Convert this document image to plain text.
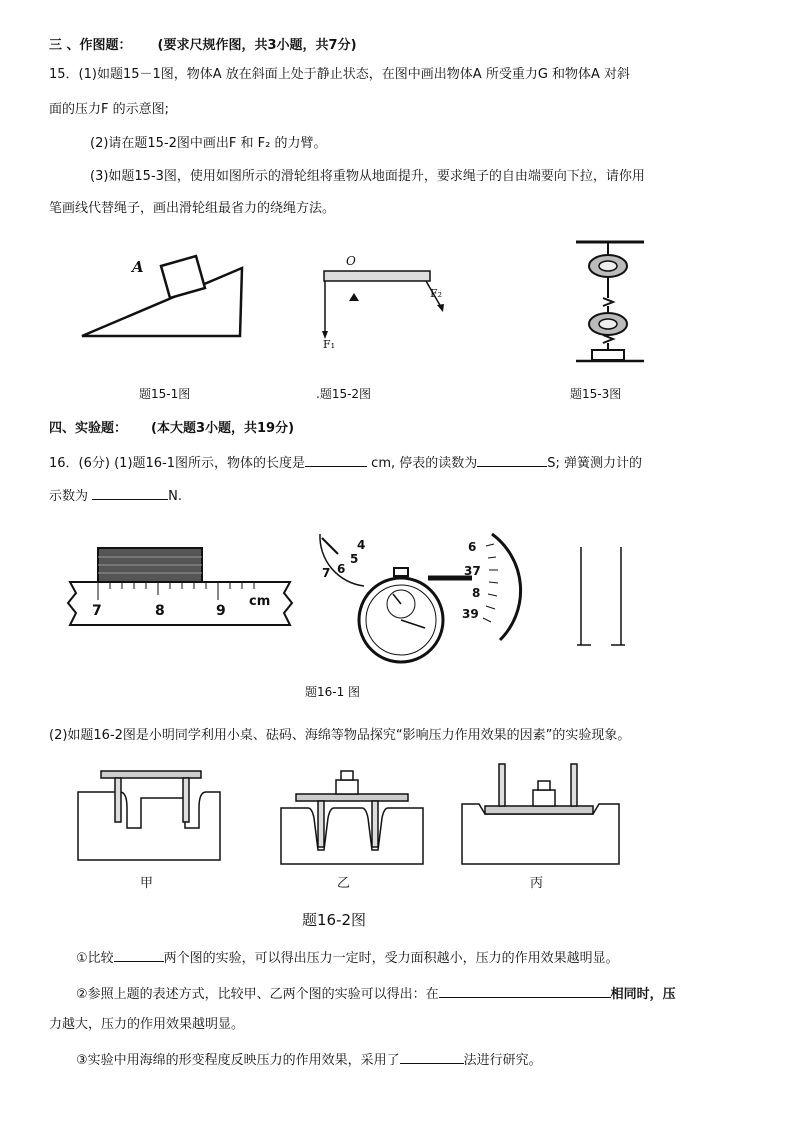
三 、作图题： (要求尺规作图，共3小题，共7分)
15．(1)如题15－1图，物体A 放在斜面上处于静止状态，在图中画出物体A 所受重力G 和物体A 对斜
面的压力F 的示意图;
(2)请在题15-2图中画出F 和 F₂ 的力臂。
(3)如题15-3图，使用如图所示的滑轮组将重物从地面提升，要求绳子的自由端要向下拉，请你用
笔画线代替绳子，画出滑轮组最省力的绕绳方法。
A
题15-1图
O
F₂
F₁
.题15-2图	题15-3图
四、实验题： (本大题3小题，共19分)
16．(6分) (1)题16-1图所示，物体的长度是	cm, 停表的读数为	S; 弹簧测力计的
示数为	N.
7	8	9
cm
4
5
6
7
6
37
8
39
题16-1 图
(2)如题16-2图是小明同学利用小桌、砝码、海绵等物品探究“影响压力作用效果的因素”的实验现象。
甲	乙	丙
题16-2图
①比较	两个图的实验，可以得出压力一定时，受力面积越小，压力的作用效果越明显。
②参照上题的表述方式，比较甲、乙两个图的实验可以得出：在	相同时，压
力越大，压力的作用效果越明显。
③实验中用海绵的形变程度反映压力的作用效果，采用了	法进行研究。
